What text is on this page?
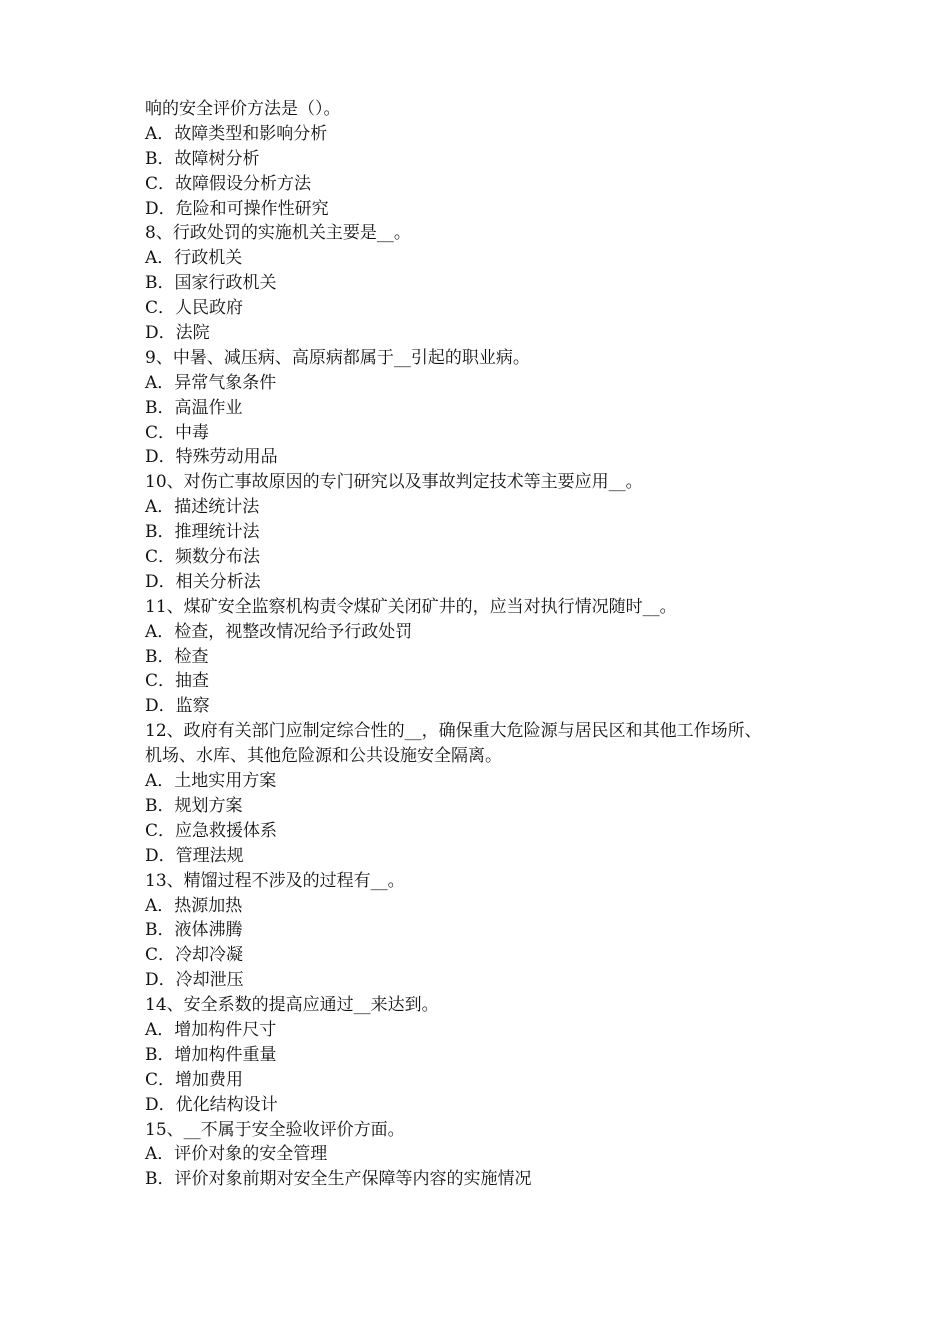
响的安全评价方法是（）。
A．故障类型和影响分析
B．故障树分析
C．故障假设分析方法
D．危险和可操作性研究
8、行政处罚的实施机关主要是__。
A．行政机关
B．国家行政机关
C．人民政府
D．法院
9、中暑、减压病、高原病都属于__引起的职业病。
A．异常气象条件
B．高温作业
C．中毒
D．特殊劳动用品
10、对伤亡事故原因的专门研究以及事故判定技术等主要应用__。
A．描述统计法
B．推理统计法
C．频数分布法
D．相关分析法
11、煤矿安全监察机构责令煤矿关闭矿井的，应当对执行情况随时__。
A．检查，视整改情况给予行政处罚
B．检查
C．抽查
D．监察
12、政府有关部门应制定综合性的__，确保重大危险源与居民区和其他工作场所、
机场、水库、其他危险源和公共设施安全隔离。
A．土地实用方案
B．规划方案
C．应急救援体系
D．管理法规
13、精馏过程不涉及的过程有__。
A．热源加热
B．液体沸腾
C．冷却冷凝
D．冷却泄压
14、安全系数的提高应通过__来达到。
A．增加构件尺寸
B．增加构件重量
C．增加费用
D．优化结构设计
15、__不属于安全验收评价方面。
A．评价对象的安全管理
B．评价对象前期对安全生产保障等内容的实施情况
